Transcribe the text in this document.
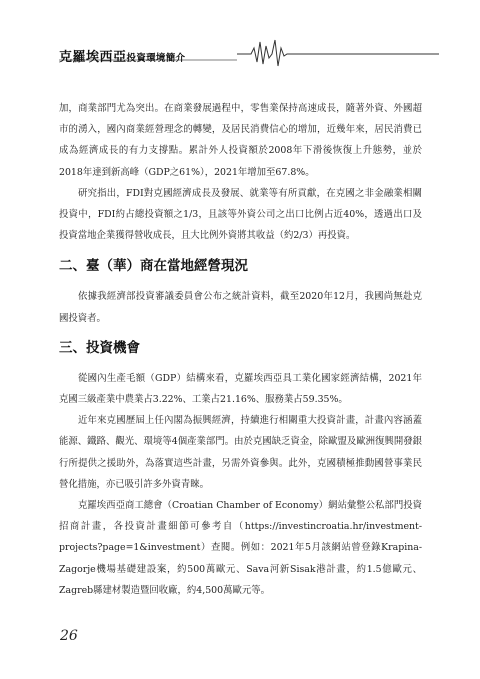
克羅埃西亞投資環境簡介

加，商業部門尤為突出。在商業發展過程中，零售業保持高速成長，隨著外資、外國超市的湧入，國內商業經營理念的轉變，及居民消費信心的增加，近幾年來，居民消費已成為經濟成長的有力支撐點。累計外人投資額於2008年下滑後恢復上升態勢，並於2018年達到新高峰（GDP之61%），2021年增加至67.8%。

研究指出，FDI對克國經濟成長及發展、就業等有所貢獻，在克國之非金融業相關投資中，FDI約占總投資額之1/3，且該等外資公司之出口比例占近40%，透過出口及投資當地企業獲得營收成長，且大比例外資將其收益（約2/3）再投資。

二、臺（華）商在當地經營現況

依據我經濟部投資審議委員會公布之統計資料，截至2020年12月，我國尚無赴克國投資者。

三、投資機會

從國內生產毛額（GDP）結構來看，克羅埃西亞具工業化國家經濟結構，2021年克國三級產業中農業占3.22%、工業占21.16%、服務業占59.35%。

近年來克國歷屆上任內閣為振興經濟，持續進行相關重大投資計畫，計畫內容涵蓋能源、鐵路、觀光、環境等4個產業部門。由於克國缺乏資金，除歐盟及歐洲復興開發銀行所提供之援助外，為落實這些計畫，另需外資參與。此外，克國積極推動國營事業民營化措施，亦已吸引許多外資青睞。

克羅埃西亞商工總會（Croatian Chamber of Economy）網站彙整公私部門投資招商計畫，各投資計畫細節可參考自（https://investincroatia.hr/investment-projects?page=1&investment）查閱。例如：2021年5月該網站曾登錄Krapina-Zagorje機場基礎建設案，約500萬歐元、Sava河新Sisak港計畫，約1.5億歐元、Zagreb縣建材製造暨回收廠，約4,500萬歐元等。

26
